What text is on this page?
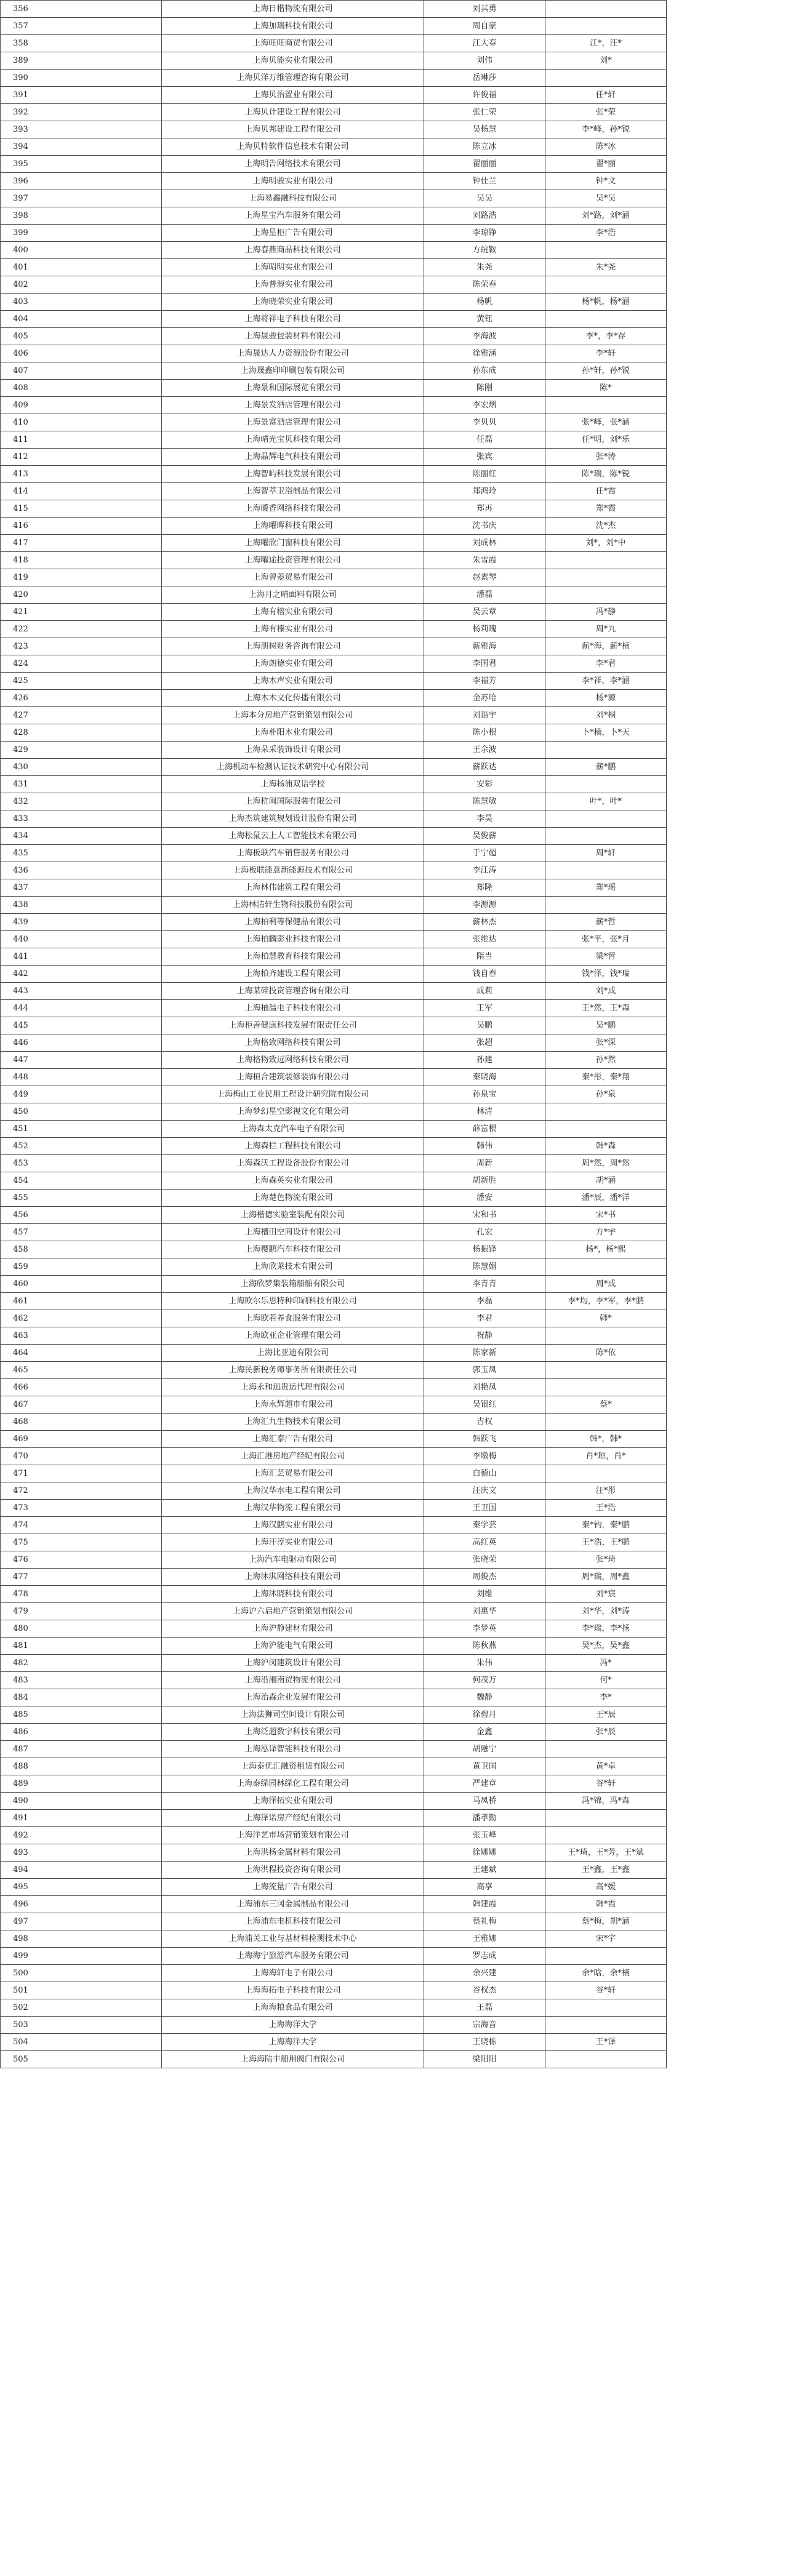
356	上海日楷物流有限公司	刘其勇		
357	上海加瑞科技有限公司	周自豪		
358	上海旺旺商贸有限公司	江大春	江*，汪*	
389	上海贝能实业有限公司	刘伟	刘*	
390	上海贝洋万维管理咨询有限公司	岳琳莎		
391	上海贝治置业有限公司	许俊福	任*轩	
392	上海贝计建设工程有限公司	张仁荣	张*荣	
393	上海贝邦建设工程有限公司	吴杨慧	李*峰，孙*锐	
394	上海贝特软件信息技术有限公司	陈立冰	陈*冰	
395	上海明告网络技术有限公司	翟丽丽	翟*丽	
396	上海明骏实业有限公司	钟仕兰	钟*文	
397	上海易鑫融科技有限公司	吴吴	吴*吴	
398	上海星宝汽车服务有限公司	刘路浩	刘*路，刘*涵	
399	上海星柜广告有限公司	李琼铮	李*浩	
400	上海春燕商品科技有限公司	方皖鞍		
401	上海昭明实业有限公司	朱尧	朱*尧	
402	上海普源实业有限公司	陈荣春		
403	上海晓荣实业有限公司	杨帆	杨*帆，杨*涵	
404	上海将祥电子科技有限公司	黄钰		
405	上海晟骏包装材料有限公司	李海波	李*，李*存	
406	上海晟达人力资源股份有限公司	徐雅涵	李*轩	
407	上海晟鑫印印刷包装有限公司	孙东成	孙*轩，孙*锐	
408	上海景和国际展览有限公司	陈刚	陈*	
409	上海景发酒店管理有限公司	李宏熠		
410	上海景富酒店管理有限公司	李贝贝	张*峰，张*涵	
411	上海晴光宝贝科技有限公司	任磊	任*明，刘*乐	
412	上海晶辉电气科技有限公司	张宾	张*涛	
413	上海智屿科技发展有限公司	陈丽红	陈*瑞，陈*锐	
414	上海智萃卫浴制品有限公司	郑鸿玲	任*霞	
415	上海暖香网络科技有限公司	郑再	郑*霞	
416	上海曜晖科技有限公司	沈书庆	沈*杰	
417	上海曜欣门窗科技有限公司	刘成林	刘*，刘*中	
418	上海曜途投资管理有限公司	朱雪霞		
419	上海曾菱贸易有限公司	赵素琴		
420	上海月之晴面料有限公司	潘磊		
421	上海有榕实业有限公司	吴云章	冯*静	
422	上海有榛实业有限公司	杨莉瑰	周*九	
423	上海朋树财务咨询有限公司	薪雅海	薪*海，薪*楠	
424	上海朗德实业有限公司	李国君	李*君	
425	上海木声实业有限公司	李福芳	李*祥，李*涵	
426	上海木木文化传播有限公司	金苏哈	杨*源	
427	上海本分房地产营销策划有限公司	刘语宇	刘*桐	
428	上海朴阳木业有限公司	陈小根	卜*楠，卜*天	
429	上海朵采装饰设计有限公司	王余波		
430	上海机动车检测认证技术研究中心有限公司	薪跃达	薪*鹏	
431	上海杨浦双语学校	安彩		
432	上海杭闽国际服装有限公司	陈慧敏	叶*，叶*	
433	上海杰筑建筑规划设计股份有限公司	李昊		
434	上海松鼠云上人工智能技术有限公司	吴俊薪		
435	上海板联汽车销售服务有限公司	于宁超	周*轩	
436	上海板联能意新能源技术有限公司	李江涛		
437	上海林伟建筑工程有限公司	郑隆	郑*瑶	
438	上海林清轩生物科技股份有限公司	李源源		
439	上海柏利等保健品有限公司	薪林杰	薪*哲	
440	上海柏麟影业科技有限公司	张维达	张*平，张*月	
441	上海柏慧教育科技有限公司	隋当	梁*哲	
442	上海柏齐建设工程有限公司	钱自春	钱*泽，钱*瑞	
443	上海某碎投资管理咨询有限公司	成莉	刘*成	
444	上海柚温电子科技有限公司	王军	王*然，王*森	
445	上海柜善健康科技发展有限责任公司	吴鹏	吴*鹏	
446	上海格致网络科技有限公司	张超	张*深	
447	上海格物致远网络科技有限公司	孙建	孙*然	
448	上海桓合建筑装修装饰有限公司	秦晓海	秦*彤，秦*翔	
449	上海梅山工业民用工程设计研究院有限公司	孙泉宝	孙*泉	
450	上海梦幻星空影视文化有限公司	林清		
451	上海森太克汽车电子有限公司	薛富根		
452	上海森栏工程科技有限公司	韩伟	韩*森	
453	上海森沃工程设备股份有限公司	周新	周*然，周*然	
454	上海森英实业有限公司	胡新胜	胡*涵	
455	上海楚色物流有限公司	潘安	潘*辰，潘*洋	
456	上海楷德实验室装配有限公司	宋和书	宋*书	
457	上海槽田空间设计有限公司	孔宏	方*宇	
458	上海樱鹏汽车科技有限公司	杨振锋	杨*，杨*熙	
459	上海欣莱技术有限公司	陈慧娟		
460	上海欣梦集装箱船舶有限公司	李青青	周*成	
461	上海欧尔乐思特种印刷科技有限公司	李磊	李*均，李*军，李*鹏	
462	上海欧若养食服务有限公司	李君	韩*	
463	上海欧亚企业管理有限公司	祝静		
464	上海比亚迪有限公司	陈家新	陈*依	
465	上海民新税务师事务所有限责任公司	郭玉凤		
466	上海永和迅贵运代理有限公司	刘艳凤		
467	上海永辉超市有限公司	吴银红	蔡*	
468	上海汇九生物技术有限公司	吉权		
469	上海汇泰广告有限公司	韩跃飞	韩*，韩*	
470	上海汇港房地产经纪有限公司	李墩梅	肖*琼，肖*	
471	上海汇芸贸易有限公司	白德山		
472	上海汉华水电工程有限公司	汪庆文	汪*彤	
473	上海汉华物流工程有限公司	王卫国	王*浩	
474	上海汉鹏实业有限公司	秦学芸	秦*钧，秦*鹏	
475	上海汗淳实业有限公司	高红英	王*浩，王*鹏	
476	上海汽车电驱动有限公司	张晓荣	张*琦	
477	上海沐淇网络科技有限公司	周俊杰	周*瑞，周*鑫	
478	上海沐晓科技有限公司	刘维	刘*宸	
479	上海沪六启地产营销策划有限公司	刘惠华	刘*华，刘*涛	
480	上海沪静建材有限公司	李梦英	李*瑞，李*扬	
481	上海沪能电气有限公司	陈秋燕	吴*杰，吴*鑫	
482	上海沪闵建筑设计有限公司	朱伟	冯*	
483	上海沿湘南贸物流有限公司	何茂万	何*	
484	上海治森企业发展有限公司	魏静	李*	
485	上海法狮司空间设计有限公司	徐碧月	王*辰	
486	上海泛超数字科技有限公司	金鑫	张*辰	
487	上海泓译智能科技有限公司	胡融宁		
488	上海泰优汇融资租赁有限公司	黄卫国	黄*卓	
489	上海泰绿园林绿化工程有限公司	严建章	谷*轩	
490	上海泽拓实业有限公司	马凤桥	冯*锦，冯*森	
491	上海泽诺房产经纪有限公司	潘孝勤		
492	上海洋艺市场营销策划有限公司	张玉峰		
493	上海洪杨金属材料有限公司	徐娜娜	王*琦，王*芳，王*斌	
494	上海洪程投资咨询有限公司	王建斌	王*鑫，王*鑫	
495	上海流量广告有限公司	高享	高*媛	
496	上海浦东三冈金属制品有限公司	韩建霞	韩*霞	
497	上海浦东电机科技有限公司	蔡礼梅	蔡*梅，胡*涵	
498	上海浦关工业与基材料检测技术中心	王雅娜	宋*宇	
499	上海海宁旅游汽车服务有限公司	罗志成		
500	上海海轩电子有限公司	余兴建	余*晗，余*楠	
501	上海海拓电子科技有限公司	谷权杰	谷*轩	
502	上海海粮食品有限公司	王磊		
503	上海海洋大学	宗海音		
504	上海海洋大学	王晓栋	王*泽	
505	上海海陆丰船用阀门有限公司	梁阳阳		
